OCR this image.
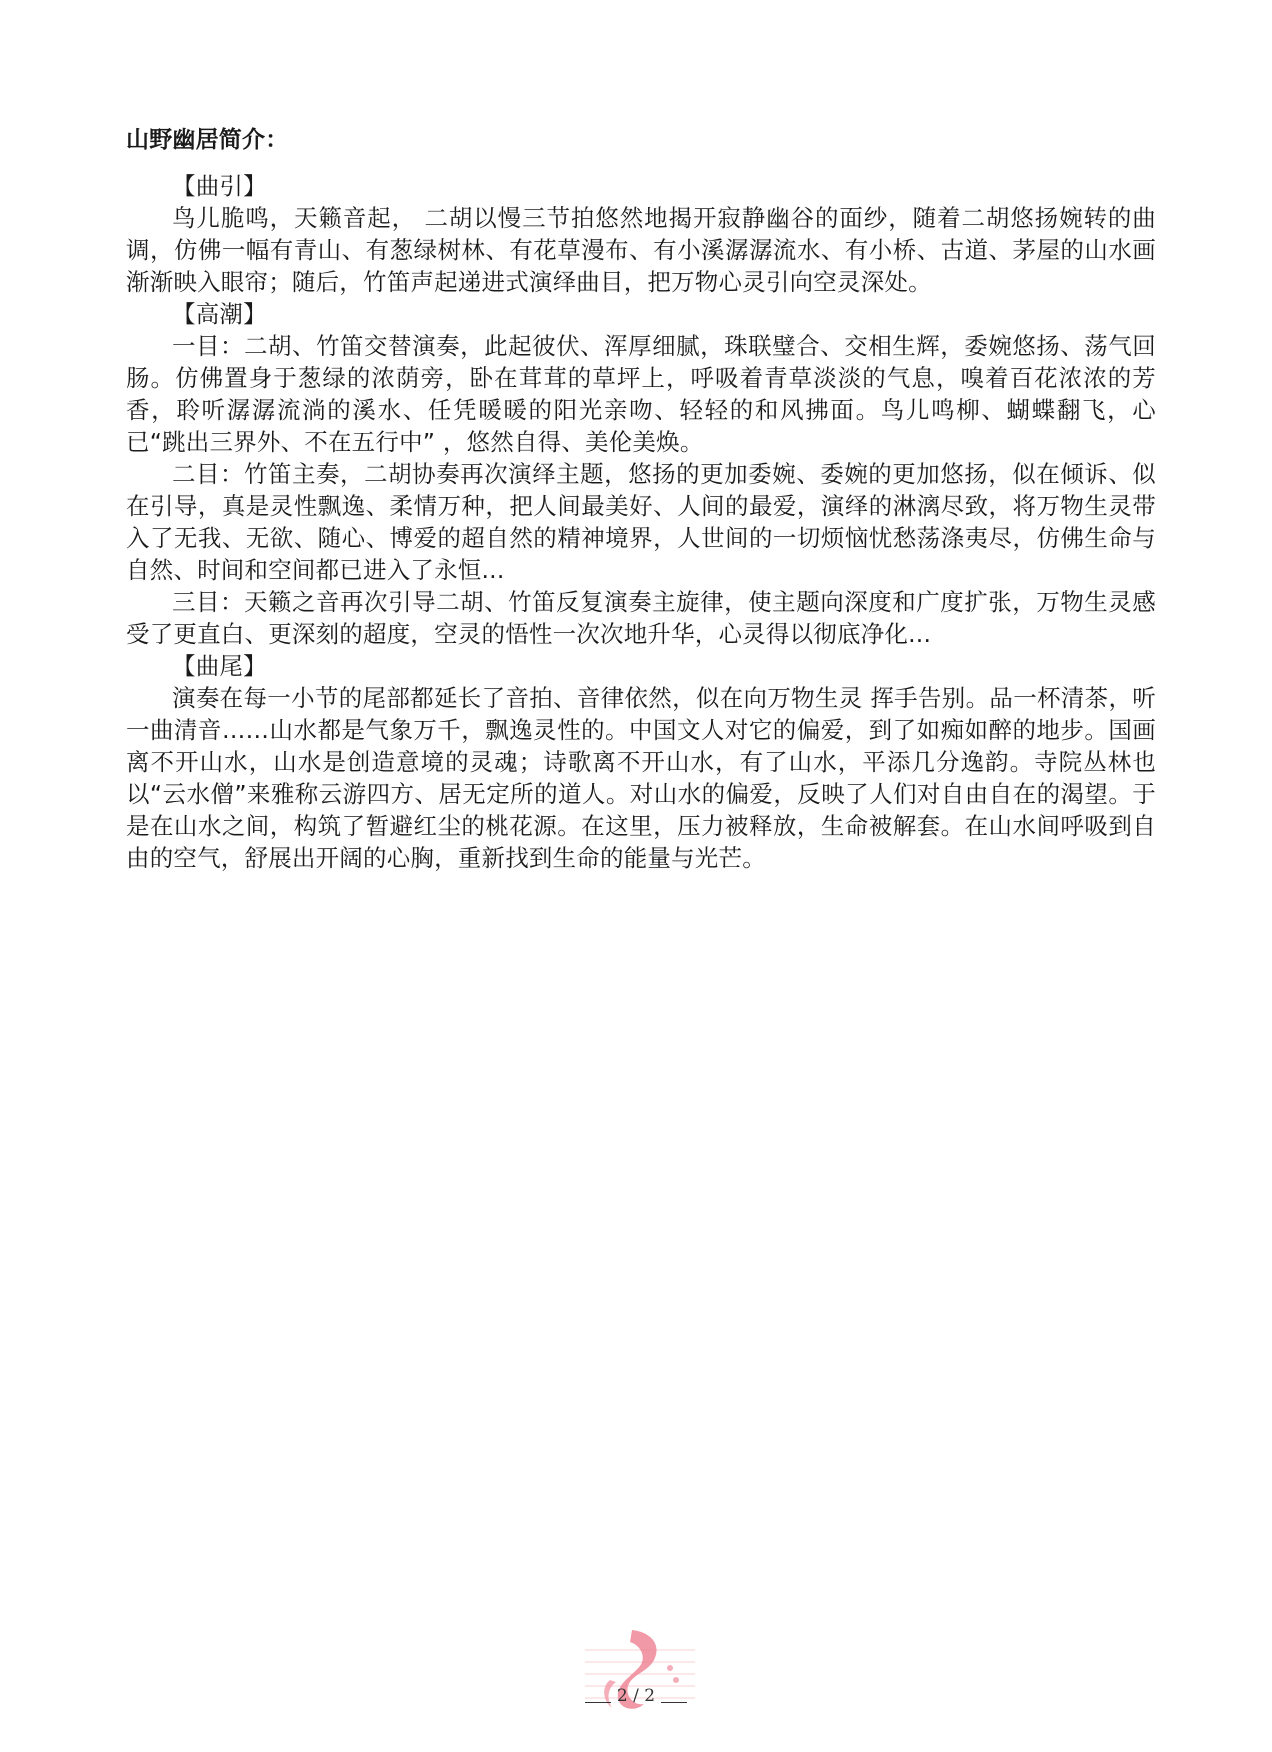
山野幽居简介：

【曲引】

鸟儿脆鸣，天籁音起， 二胡以慢三节拍悠然地揭开寂静幽谷的面纱，随着二胡悠扬婉转的曲调，仿佛一幅有青山、有葱绿树林、有花草漫布、有小溪潺潺流水、有小桥、古道、茅屋的山水画渐渐映入眼帘；随后，竹笛声起递进式演绎曲目，把万物心灵引向空灵深处。

【高潮】

一目：二胡、竹笛交替演奏，此起彼伏、浑厚细腻，珠联璧合、交相生辉，委婉悠扬、荡气回肠。仿佛置身于葱绿的浓荫旁，卧在茸茸的草坪上，呼吸着青草淡淡的气息，嗅着百花浓浓的芳香，聆听潺潺流淌的溪水、任凭暖暖的阳光亲吻、轻轻的和风拂面。鸟儿鸣柳、蝴蝶翻飞，心已“跳出三界外、不在五行中” ，悠然自得、美伦美焕。

二目：竹笛主奏，二胡协奏再次演绎主题，悠扬的更加委婉、委婉的更加悠扬，似在倾诉、似在引导，真是灵性飘逸、柔情万种，把人间最美好、人间的最爱，演绎的淋漓尽致，将万物生灵带入了无我、无欲、随心、博爱的超自然的精神境界，人世间的一切烦恼忧愁荡涤夷尽，仿佛生命与自然、时间和空间都已进入了永恒...

三目：天籁之音再次引导二胡、竹笛反复演奏主旋律，使主题向深度和广度扩张，万物生灵感受了更直白、更深刻的超度，空灵的悟性一次次地升华，心灵得以彻底净化...

【曲尾】

演奏在每一小节的尾部都延长了音拍、音律依然，似在向万物生灵 挥手告别。品一杯清茶，听一曲清音……山水都是气象万千，飘逸灵性的。中国文人对它的偏爱，到了如痴如醉的地步。国画离不开山水，山水是创造意境的灵魂；诗歌离不开山水，有了山水，平添几分逸韵。寺院丛林也以“云水僧”来雅称云游四方、居无定所的道人。对山水的偏爱，反映了人们对自由自在的渴望。于是在山水之间，构筑了暂避红尘的桃花源。在这里，压力被释放，生命被解套。在山水间呼吸到自由的空气，舒展出开阔的心胸，重新找到生命的能量与光芒。

2 / 2
